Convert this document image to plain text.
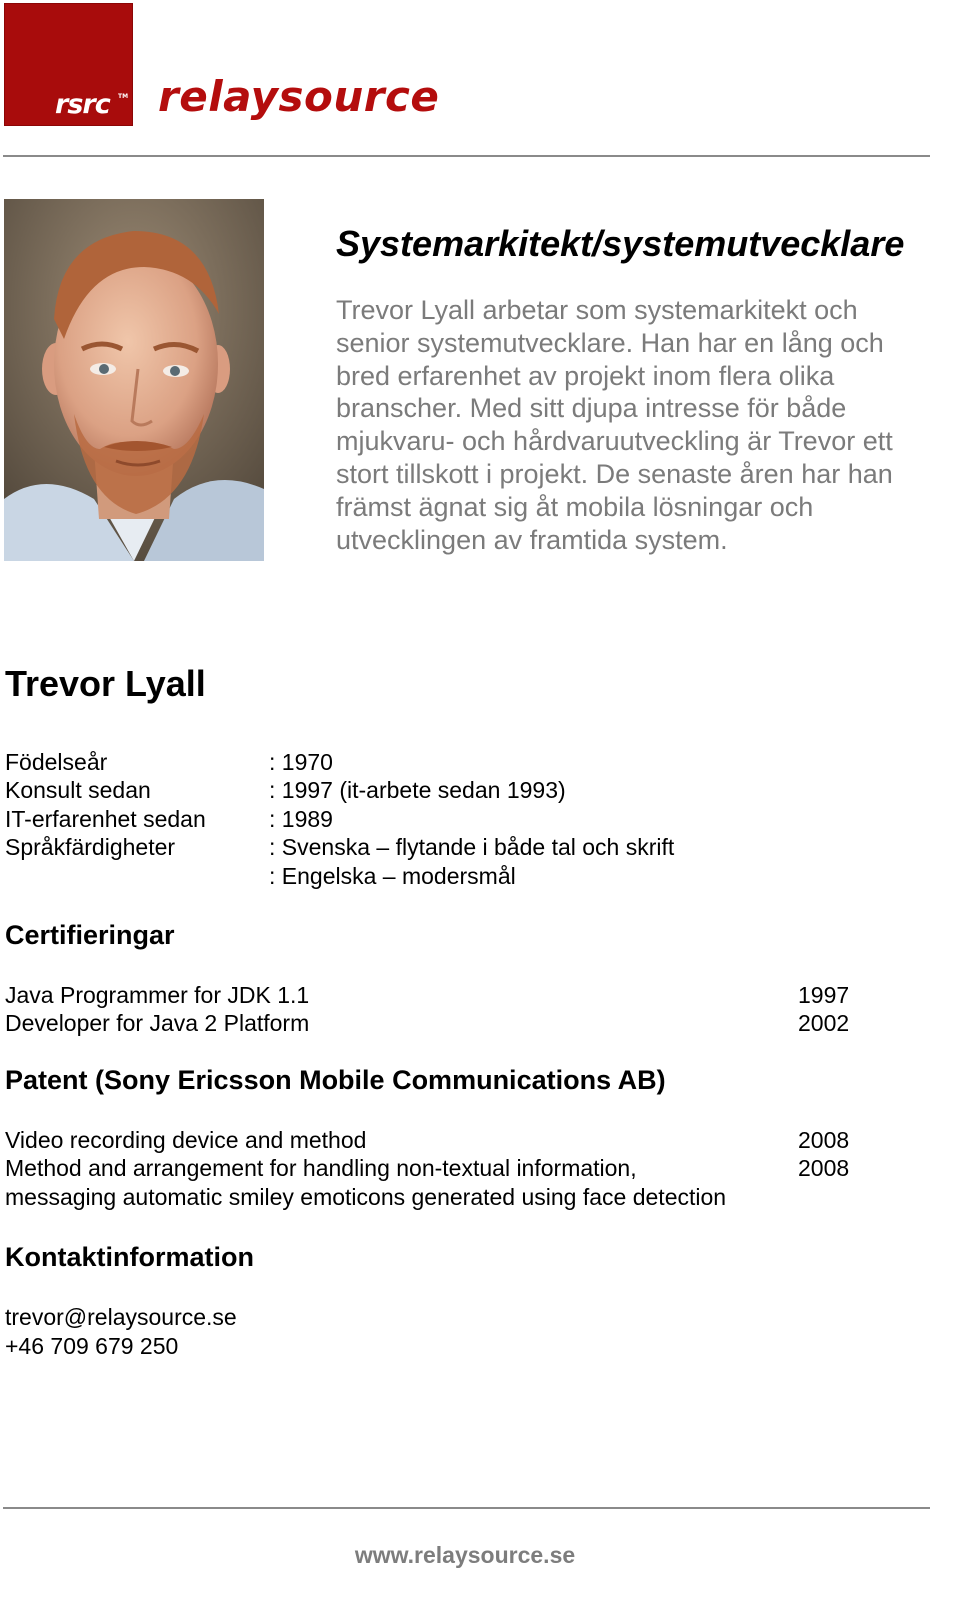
rsrc TM relaysource
Systemarkitekt/systemutvecklare

Trevor Lyall arbetar som systemarkitekt och senior systemutvecklare. Han har en lång och bred erfarenhet av projekt inom flera olika branscher. Med sitt djupa intresse för både mjukvaru- och hårdvaruutveckling är Trevor ett stort tillskott i projekt. De senaste åren har han främst ägnat sig åt mobila lösningar och utvecklingen av framtida system.

Trevor Lyall
Födelseår	: 1970
Konsult sedan	: 1997 (it-arbete sedan 1993)
IT-erfarenhet sedan	: 1989
Språkfärdigheter	: Svenska – flytande i både tal och skrift
: Engelska – modersmål
Certifieringar
Java Programmer for JDK 1.1	1997
Developer for Java 2 Platform	2002
Patent (Sony Ericsson Mobile Communications AB)
Video recording device and method	2008
Method and arrangement for handling non-textual information,	2008
messaging automatic smiley emoticons generated using face detection
Kontaktinformation
trevor@relaysource.se
+46 709 679 250
www.relaysource.se
